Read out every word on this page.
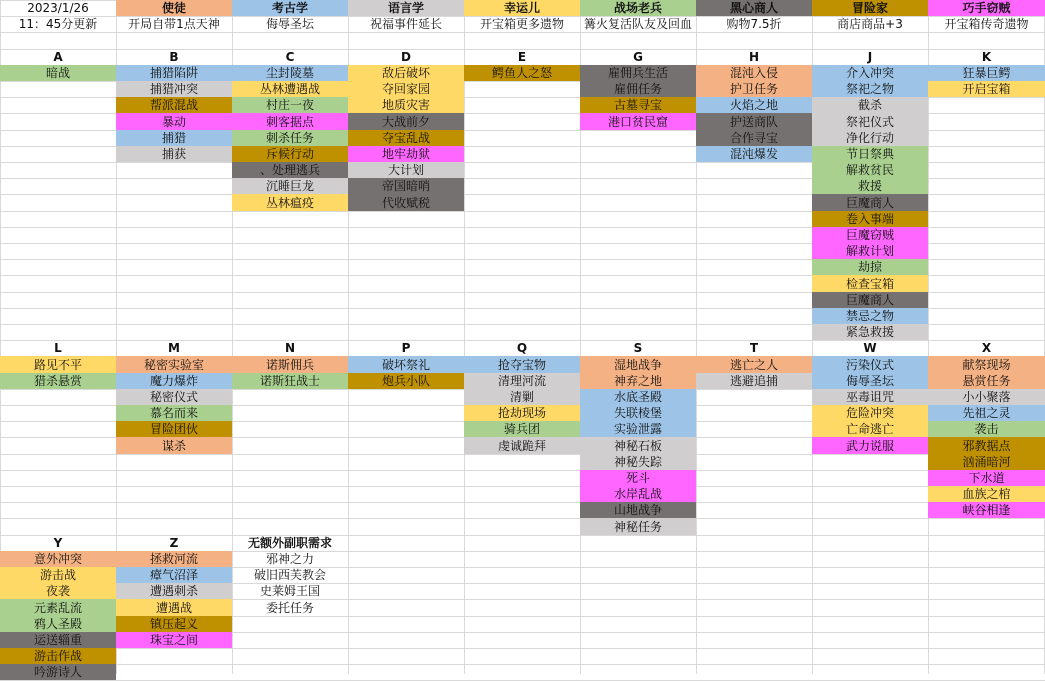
2023/1/26
11：45分更新
使徒
开局自带1点天神
考古学
侮辱圣坛
语言学
祝福事件延长
幸运儿
开宝箱更多遗物
战场老兵
篝火复活队友及回血
黑心商人
购物7.5折
冒险家
商店商品+3
巧手窃贼
开宝箱传奇遗物
A
暗战
B
捕猎陷阱
捕猎冲突
帮派混战
暴动
捕猎
捕获
C
尘封陵墓
丛林遭遇战
村庄一夜
刺客据点
刺杀任务
斥候行动
、处理逃兵
沉睡巨龙
丛林瘟疫
D
敌后破坏
夺回家园
地质灾害
大战前夕
夺宝乱战
地牢劫狱
大计划
帝国暗哨
代收赋税
E
鳄鱼人之怒
G
雇佣兵生活
雇佣任务
古墓寻宝
港口贫民窟
H
混沌入侵
护卫任务
火焰之地
护送商队
合作寻宝
混沌爆发
J
介入冲突
祭祀之物
截杀
祭祀仪式
净化行动
节日祭典
解救贫民
救援
巨魔商人
卷入事端
巨魔窃贼
解救计划
劫掠
检查宝箱
巨魔商人
禁忌之物
紧急救援
K
狂暴巨鳄
开启宝箱
L
路见不平
猎杀悬赏
M
秘密实验室
魔力爆炸
秘密仪式
慕名而来
冒险团伙
谋杀
N
诺斯佣兵
诺斯狂战士
P
破坏祭礼
炮兵小队
Q
抢夺宝物
清理河流
清剿
抢劫现场
骑兵团
虔诚跪拜
S
湿地战争
神弃之地
水底圣殿
失联棱堡
实验泄露
神秘石板
神秘失踪
死斗
水岸乱战
山地战争
神秘任务
T
逃亡之人
逃避追捕
W
污染仪式
侮辱圣坛
巫毒诅咒
危险冲突
亡命逃亡
武力说服
X
献祭现场
悬赏任务
小小聚落
先祖之灵
袭击
邪教据点
汹涌暗河
下水道
血族之棺
峡谷相逢
Y
意外冲突
游击战
夜袭
元素乱流
鸦人圣殿
运送辎重
游击作战
吟游诗人
Z
拯救河流
瘴气沼泽
遭遇刺杀
遭遇战
镇压起义
珠宝之间
无额外副职需求
邪神之力
破旧西芙教会
史莱姆王国
委托任务
